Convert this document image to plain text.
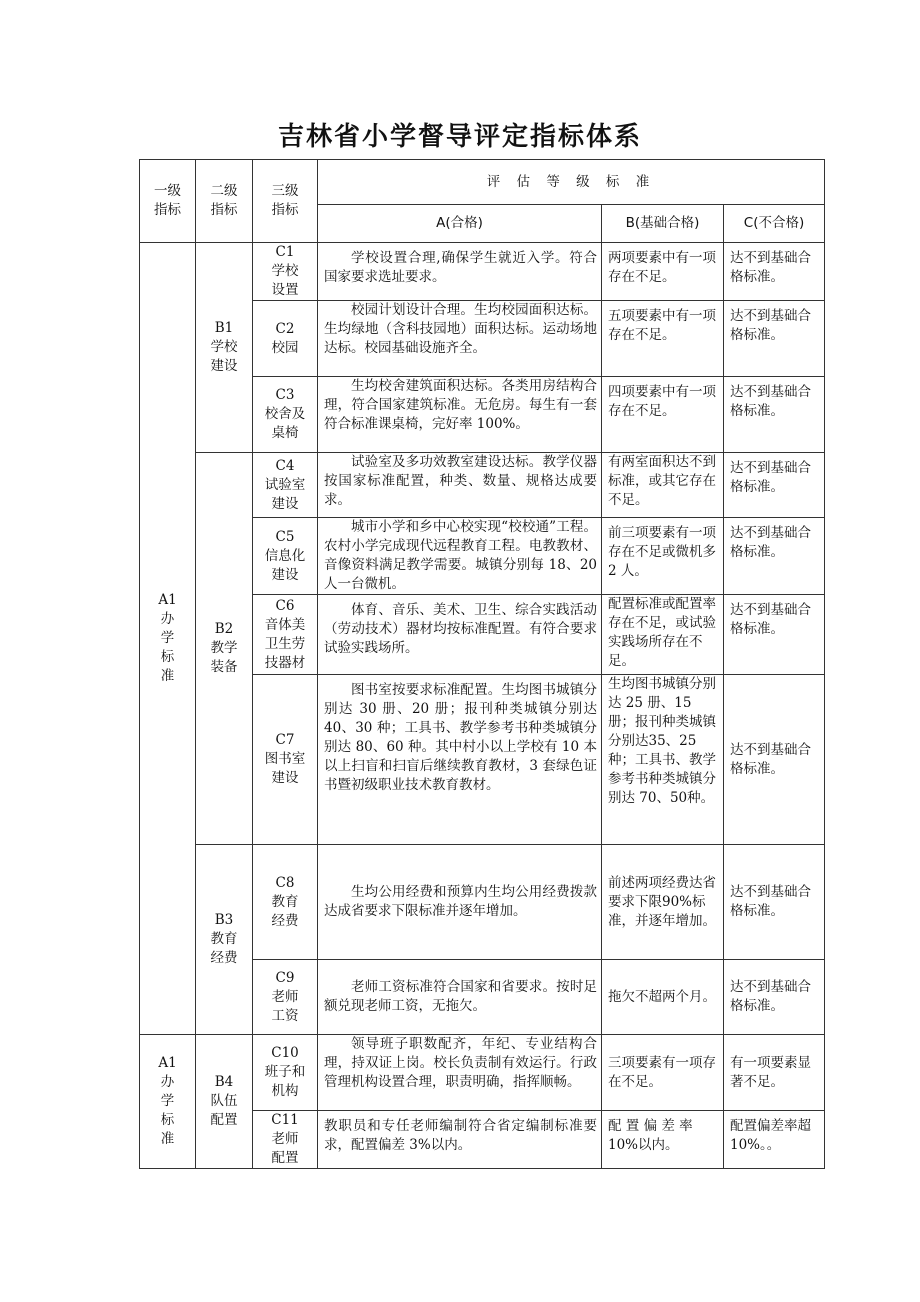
吉林省小学督导评定指标体系
一级
指标	二级
指标	三级
指标	评 估 等 级 标 准		
			A(合格)	B(基础合格)	C(不合格)

A1
办
学
标
准	B1
学校
建设	C1
学校
设置	学校设置合理,确保学生就近入学。符合国家要求选址要求。	两项要素中有一项存在不足。	达不到基础合格标准。

		C2
校园	校园计划设计合理。生均校园面积达标。生均绿地（含科技园地）面积达标。运动场地达标。校园基础设施齐全。	五项要素中有一项存在不足。	达不到基础合格标准。

		C3
校舍及
桌椅	生均校舍建筑面积达标。各类用房结构合理，符合国家建筑标准。无危房。每生有一套符合标准课桌椅，完好率 100%。	四项要素中有一项存在不足。	达不到基础合格标准。

	B2
教学
装备	C4
试验室
建设	试验室及多功效教室建设达标。教学仪器按国家标准配置，种类、数量、规格达成要求。	有两室面积达不到标准，或其它存在不足。	达不到基础合格标准。

		C5
信息化
建设	城市小学和乡中心校实现“校校通”工程。农村小学完成现代远程教育工程。电教教材、音像资料满足教学需要。城镇分别每 18、20 人一台微机。	前三项要素有一项存在不足或微机多 2 人。	达不到基础合格标准。

		C6
音体美
卫生劳
技器材	体育、音乐、美术、卫生、综合实践活动（劳动技术）器材均按标准配置。有符合要求试验实践场所。	配置标准或配置率存在不足，或试验实践场所存在不足。	达不到基础合格标准。

		C7
图书室
建设	图书室按要求标准配置。生均图书城镇分别达 30 册、20 册；报刊种类城镇分别达 40、30 种；工具书、教学参考书种类城镇分别达 80、60 种。其中村小以上学校有 10 本以上扫盲和扫盲后继续教育教材，3 套绿色证书暨初级职业技术教育教材。	生均图书城镇分别达 25 册、15 册；报刊种类城镇分别达35、25 种；工具书、教学参考书种类城镇分别达 70、50种。	达不到基础合格标准。

	B3
教育
经费	C8
教育
经费	生均公用经费和预算内生均公用经费拨款达成省要求下限标准并逐年增加。	前述两项经费达省要求下限90%标准，并逐年增加。	达不到基础合格标准。

		C9
老师
工资	老师工资标准符合国家和省要求。按时足额兑现老师工资，无拖欠。	拖欠不超两个月。	达不到基础合格标准。

A1
办
学
标
准	B4
队伍
配置	C10
班子和
机构	领导班子职数配齐，年纪、专业结构合理，持双证上岗。校长负责制有效运行。行政管理机构设置合理，职责明确，指挥顺畅。	三项要素有一项存在不足。	有一项要素显著不足。

		C11
老师
配置	教职员和专任老师编制符合省定编制标准要求，配置偏差 3%以内。	配 置 偏 差 率10%以内。	配置偏差率超 10%。。
